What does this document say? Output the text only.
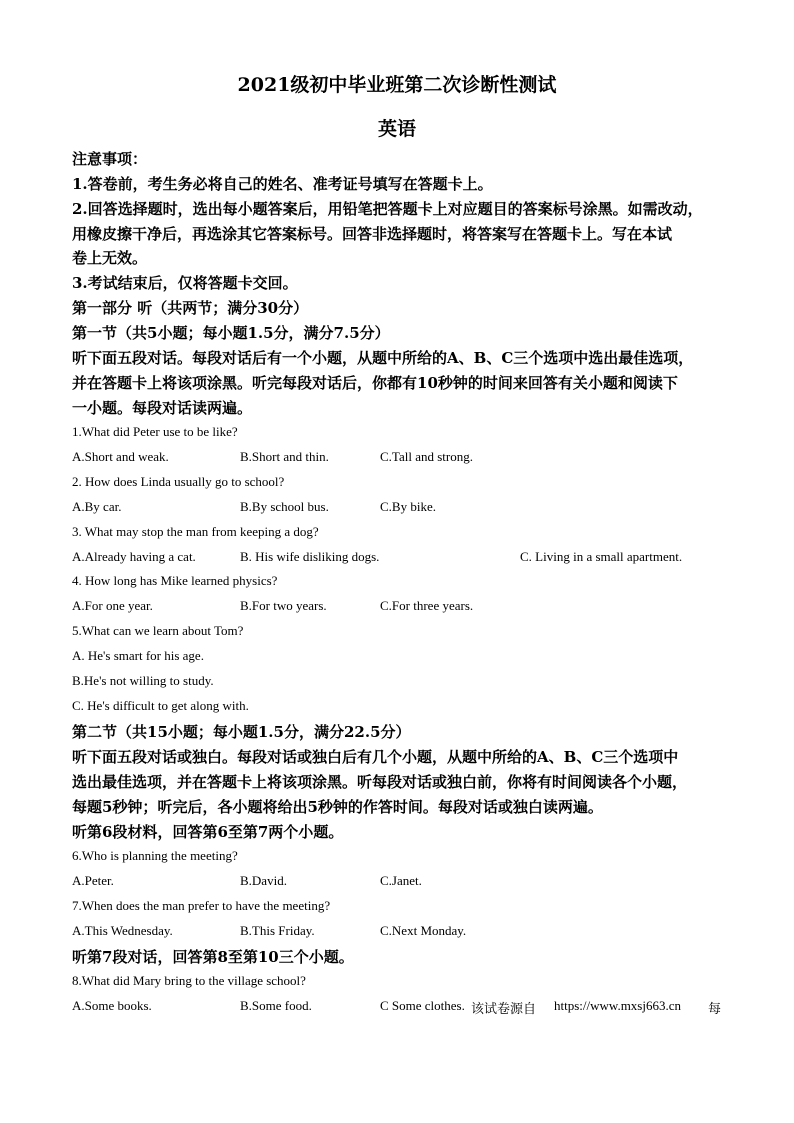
2021级初中毕业班第二次诊断性测试
英语
注意事项：
1.答卷前，考生务必将自己的姓名、准考证号填写在答题卡上。
2.回答选择题时，选出每小题答案后，用铅笔把答题卡上对应题目的答案标号涂黑。如需改动，
用橡皮擦干净后，再选涂其它答案标号。回答非选择题时，将答案写在答题卡上。写在本试
卷上无效。
3.考试结束后，仅将答题卡交回。
第一部分 听（共两节；满分30分）
第一节（共5小题；每小题1.5分，满分7.5分）
听下面五段对话。每段对话后有一个小题，从题中所给的A、B、C三个选项中选出最佳选项，
并在答题卡上将该项涂黑。听完每段对话后，你都有10秒钟的时间来回答有关小题和阅读下
一小题。每段对话读两遍。
1.What did Peter use to be like?
A.Short and weak.	B.Short and thin.	C.Tall and strong.
2. How does Linda usually go to school?
A.By car.	B.By school bus.	C.By bike.
3. What may stop the man from keeping a dog?
A.Already having a cat.	B. His wife disliking dogs.	C. Living in a small apartment.
4. How long has Mike learned physics?
A.For one year.	B.For two years.	C.For three years.
5.What can we learn about Tom?
A. He's smart for his age.
B.He's not willing to study.
C. He's difficult to get along with.
第二节（共15小题；每小题1.5分，满分22.5分）
听下面五段对话或独白。每段对话或独白后有几个小题，从题中所给的A、B、C三个选项中
选出最佳选项，并在答题卡上将该项涂黑。听每段对话或独白前，你将有时间阅读各个小题，
每题5秒钟；听完后，各小题将给出5秒钟的作答时间。每段对话或独白读两遍。
听第6段材料，回答第6至第7两个小题。
6.Who is planning the meeting?
A.Peter.	B.David.	C.Janet.
7.When does the man prefer to have the meeting?
A.This Wednesday.	B.This Friday.	C.Next Monday.
听第7段对话，回答第8至第10三个小题。
8.What did Mary bring to the village school?
A.Some books.	B.Some food.	C Some clothes. 该试卷源自 https://www.mxsj663.cn 每
